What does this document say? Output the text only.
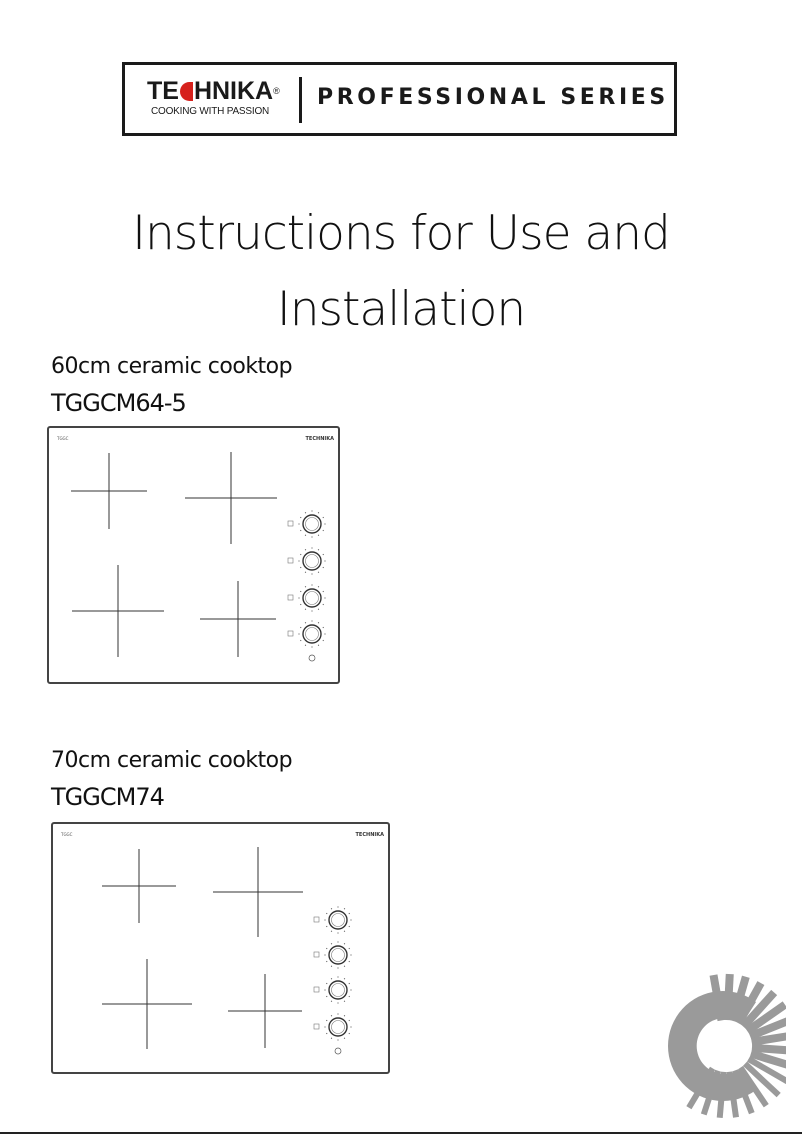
TE HNIKA®
COOKING WITH PASSION
PROFESSIONAL SERIES
Instructions for Use and
Installation
60cm ceramic cooktop
TGGCM64-5
TGGC	TECHNIKA
70cm ceramic cooktop
TGGCM74
TGGC	TECHNIKA
